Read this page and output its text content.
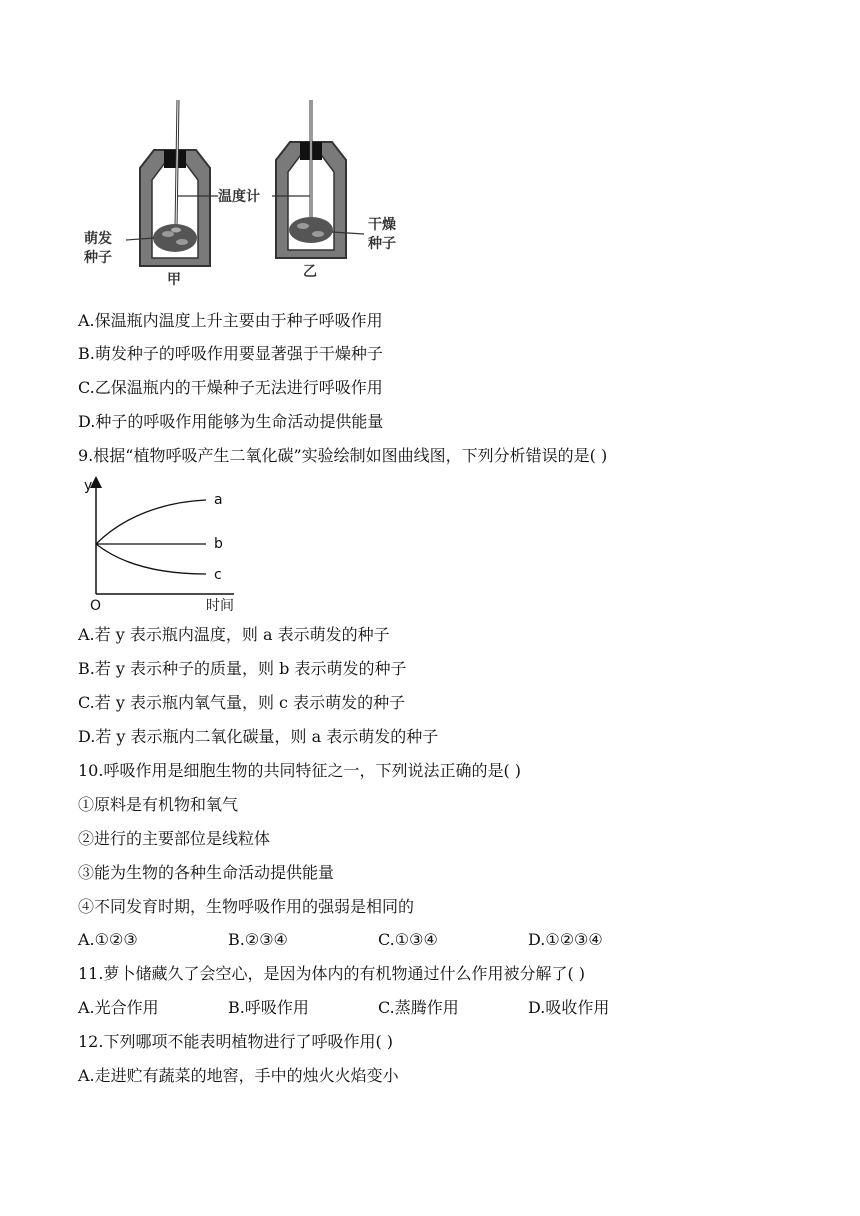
温度计
萌发
种子
干燥
种子
甲	乙
A.保温瓶内温度上升主要由于种子呼吸作用
B.萌发种子的呼吸作用要显著强于干燥种子
C.乙保温瓶内的干燥种子无法进行呼吸作用
D.种子的呼吸作用能够为生命活动提供能量
9.根据“植物呼吸产生二氧化碳”实验绘制如图曲线图，下列分析错误的是( )
y
a
b
c
O	时间
A.若 y 表示瓶内温度，则 a 表示萌发的种子
B.若 y 表示种子的质量，则 b 表示萌发的种子
C.若 y 表示瓶内氧气量，则 c 表示萌发的种子
D.若 y 表示瓶内二氧化碳量，则 a 表示萌发的种子
10.呼吸作用是细胞生物的共同特征之一，下列说法正确的是( )
①原料是有机物和氧气
②进行的主要部位是线粒体
③能为生物的各种生命活动提供能量
④不同发育时期，生物呼吸作用的强弱是相同的
A.①②③	B.②③④	C.①③④	D.①②③④
11.萝卜储藏久了会空心，是因为体内的有机物通过什么作用被分解了( )
A.光合作用	B.呼吸作用	C.蒸腾作用	D.吸收作用
12.下列哪项不能表明植物进行了呼吸作用( )
A.走进贮有蔬菜的地窖，手中的烛火火焰变小
